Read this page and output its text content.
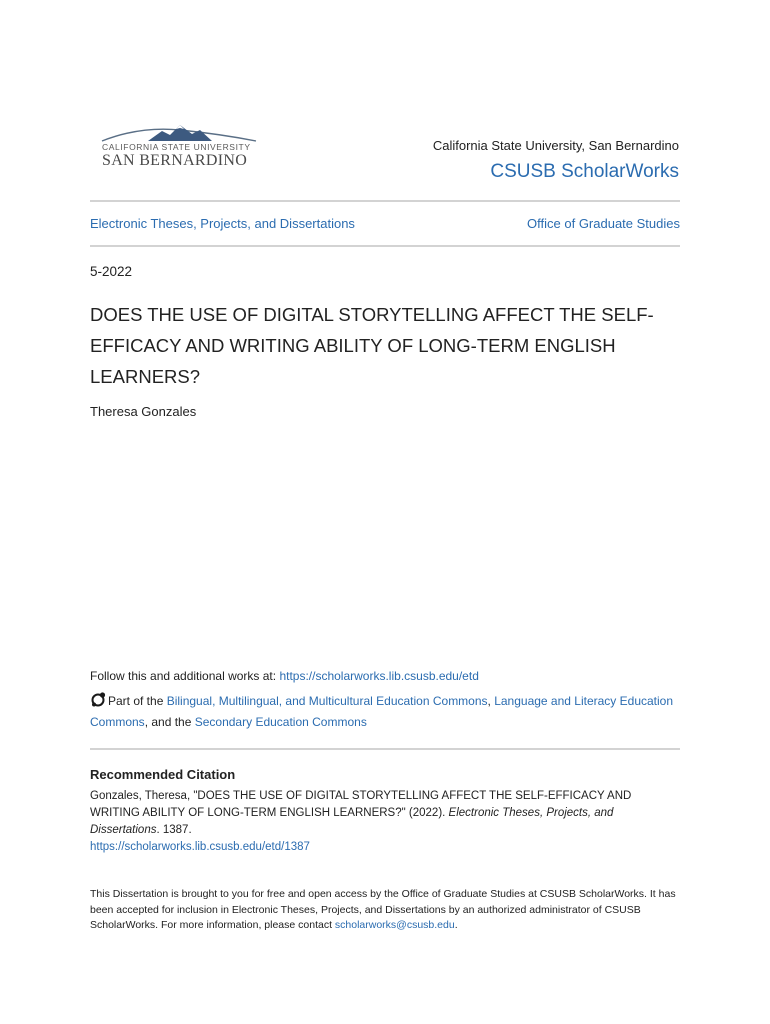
CALIFORNIA STATE UNIVERSITY
SAN BERNARDINO
California State University, San Bernardino
CSUSB ScholarWorks
Electronic Theses, Projects, and Dissertations	Office of Graduate Studies
5-2022
DOES THE USE OF DIGITAL STORYTELLING AFFECT THE SELF-EFFICACY AND WRITING ABILITY OF LONG-TERM ENGLISH LEARNERS?
Theresa Gonzales
Follow this and additional works at: https://scholarworks.lib.csusb.edu/etd
Part of the Bilingual, Multilingual, and Multicultural Education Commons, Language and Literacy Education Commons, and the Secondary Education Commons
Recommended Citation
Gonzales, Theresa, "DOES THE USE OF DIGITAL STORYTELLING AFFECT THE SELF-EFFICACY AND WRITING ABILITY OF LONG-TERM ENGLISH LEARNERS?" (2022). Electronic Theses, Projects, and Dissertations. 1387.
https://scholarworks.lib.csusb.edu/etd/1387
This Dissertation is brought to you for free and open access by the Office of Graduate Studies at CSUSB ScholarWorks. It has been accepted for inclusion in Electronic Theses, Projects, and Dissertations by an authorized administrator of CSUSB ScholarWorks. For more information, please contact scholarworks@csusb.edu.
